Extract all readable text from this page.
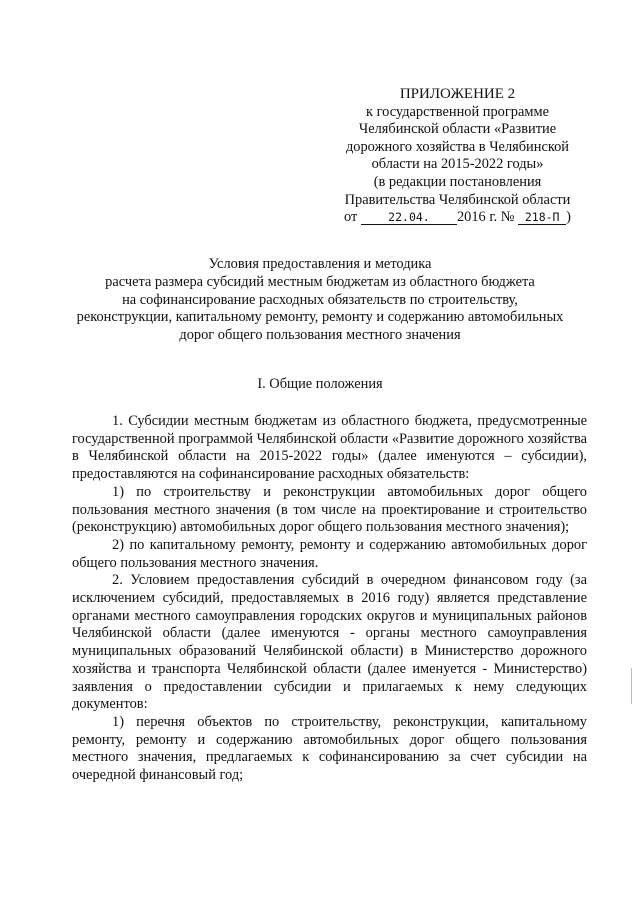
ПРИЛОЖЕНИЕ 2
к государственной программе
Челябинской области «Развитие
дорожного хозяйства в Челябинской
области на 2015-2022 годы»
(в редакции постановления
Правительства Челябинской области
от	22.04. 2016 г. № 218-П )
Условия предоставления и методика
расчета размера субсидий местным бюджетам из областного бюджета
на софинансирование расходных обязательств по строительству,
реконструкции, капитальному ремонту, ремонту и содержанию автомобильных
дорог общего пользования местного значения
I. Общие положения

1. Субсидии местным бюджетам из областного бюджета, предусмотренные государственной программой Челябинской области «Развитие дорожного хозяйства в Челябинской области на 2015-2022 годы» (далее именуются – субсидии), предоставляются на софинансирование расходных обязательств:

1) по строительству и реконструкции автомобильных дорог общего пользования местного значения (в том числе на проектирование и строительство (реконструкцию) автомобильных дорог общего пользования местного значения);

2) по капитальному ремонту, ремонту и содержанию автомобильных дорог общего пользования местного значения.

2. Условием предоставления субсидий в очередном финансовом году (за исключением субсидий, предоставляемых в 2016 году) является представление органами местного самоуправления городских округов и муниципальных районов Челябинской области (далее именуются - органы местного самоуправления муниципальных образований Челябинской области) в Министерство дорожного хозяйства и транспорта Челябинской области (далее именуется - Министерство) заявления о предоставлении субсидии и прилагаемых к нему следующих документов:

1) перечня объектов по строительству, реконструкции, капитальному ремонту, ремонту и содержанию автомобильных дорог общего пользования местного значения, предлагаемых к софинансированию за счет субсидии на очередной финансовый год;
